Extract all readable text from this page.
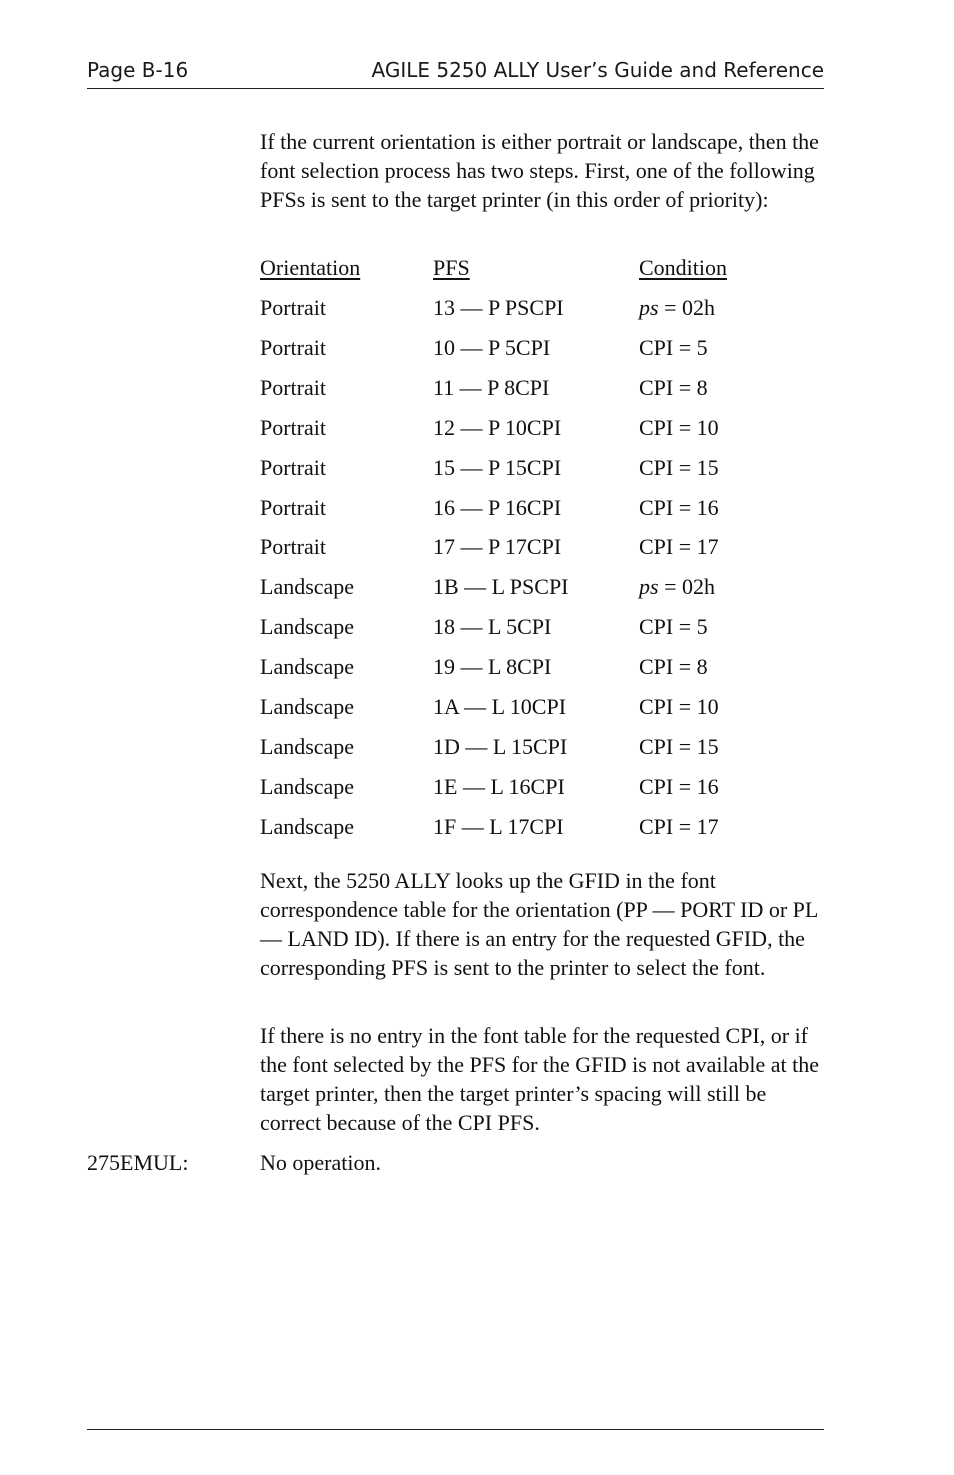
Page B-16	AGILE 5250 ALLY User’s Guide and Reference

If the current orientation is either portrait or landscape, then the font selection process has two steps. First, one of the following PFSs is sent to the target printer (in this order of priority):

Orientation	PFS	Condition
Portrait	13 — P PSCPI	ps = 02h
Portrait	10 — P 5CPI	CPI = 5
Portrait	11 — P 8CPI	CPI = 8
Portrait	12 — P 10CPI	CPI = 10
Portrait	15 — P 15CPI	CPI = 15
Portrait	16 — P 16CPI	CPI = 16
Portrait	17 — P 17CPI	CPI = 17
Landscape	1B — L PSCPI	ps = 02h
Landscape	18 — L 5CPI	CPI = 5
Landscape	19 — L 8CPI	CPI = 8
Landscape	1A — L 10CPI	CPI = 10
Landscape	1D — L 15CPI	CPI = 15
Landscape	1E — L 16CPI	CPI = 16
Landscape	1F — L 17CPI	CPI = 17

Next, the 5250 ALLY looks up the GFID in the font correspondence table for the orientation (PP — PORT ID or PL — LAND ID). If there is an entry for the requested GFID, the corresponding PFS is sent to the printer to select the font.

If there is no entry in the font table for the requested CPI, or if the font selected by the PFS for the GFID is not available at the target printer, then the target printer’s spacing will still be correct because of the CPI PFS.

275EMUL:	No operation.
